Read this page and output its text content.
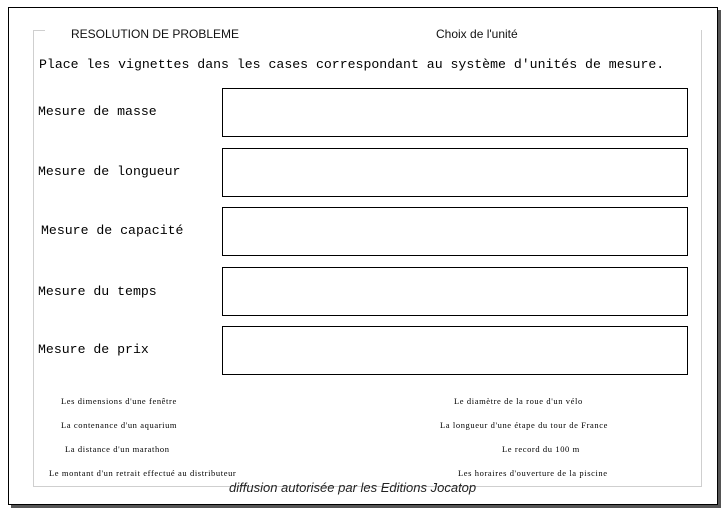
RESOLUTION DE PROBLEME	Choix de l'unité
Place les vignettes dans les cases correspondant au système d'unités de mesure.
Mesure de masse
Mesure de longueur
Mesure de capacité
Mesure du temps
Mesure de prix
Les dimensions d'une fenêtre	Le diamètre de la roue d'un vélo
La contenance d'un aquarium	La longueur d'une étape du tour de France
La distance d'un marathon	Le record du 100 m
Le montant d'un retrait effectué au distributeur	Les horaires d'ouverture de la piscine
diffusion autorisée par les Editions Jocatop
